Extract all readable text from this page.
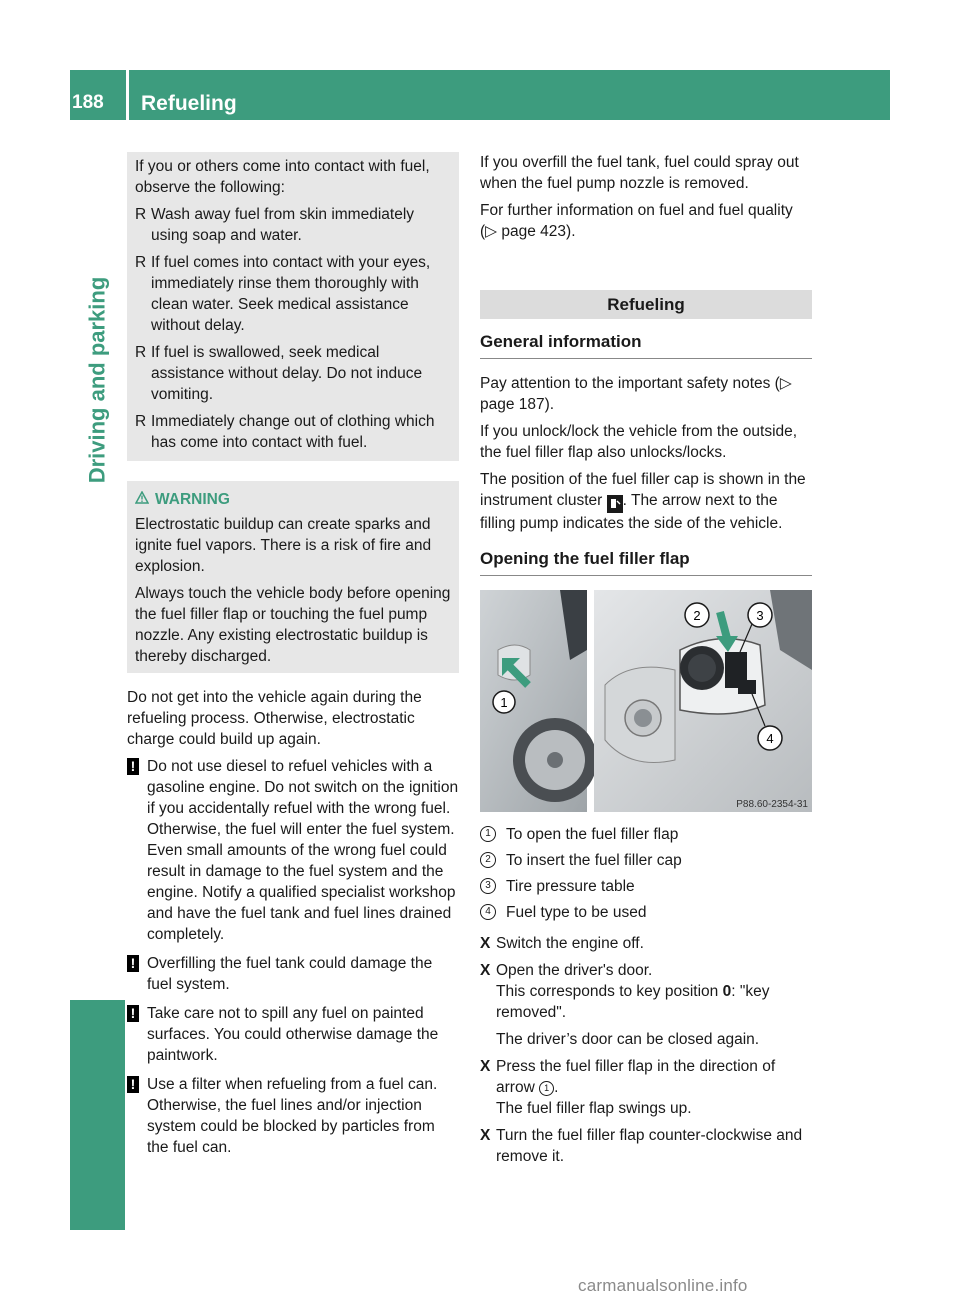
188	Refueling
Driving and parking

If you or others come into contact with fuel, observe the following:

R Wash away fuel from skin immediately using soap and water.
R If fuel comes into contact with your eyes, immediately rinse them thoroughly with clean water. Seek medical assistance without delay.
R If fuel is swallowed, seek medical assistance without delay. Do not induce vomiting.
R Immediately change out of clothing which has come into contact with fuel.
WARNING

Electrostatic buildup can create sparks and ignite fuel vapors. There is a risk of fire and explosion.

Always touch the vehicle body before opening the fuel filler flap or touching the fuel pump nozzle. Any existing electrostatic buildup is thereby discharged.

Do not get into the vehicle again during the refueling process. Otherwise, electrostatic charge could build up again.

! Do not use diesel to refuel vehicles with a gasoline engine. Do not switch on the ignition if you accidentally refuel with the wrong fuel. Otherwise, the fuel will enter the fuel system. Even small amounts of the wrong fuel could result in damage to the fuel system and the engine. Notify a qualified specialist workshop and have the fuel tank and fuel lines drained completely.
! Overfilling the fuel tank could damage the fuel system.
! Take care not to spill any fuel on painted surfaces. You could otherwise damage the paintwork.
! Use a filter when refueling from a fuel can. Otherwise, the fuel lines and/or injection system could be blocked by particles from the fuel can.

If you overfill the fuel tank, fuel could spray out when the fuel pump nozzle is removed.

For further information on fuel and fuel quality (▷ page 423).

Refueling
General information

Pay attention to the important safety notes (▷ page 187).

If you unlock/lock the vehicle from the outside, the fuel filler flap also unlocks/locks.

The position of the fuel filler cap is shown in the instrument cluster . The arrow next to the filling pump indicates the side of the vehicle.

Opening the fuel filler flap
1
2	3
4
P88.60-2354-31
1 To open the fuel filler flap
2 To insert the fuel filler cap
3 Tire pressure table
4 Fuel type to be used
X Switch the engine off.
X Open the driver's door.
This corresponds to key position 0: "key removed".
The driver’s door can be closed again.
X Press the fuel filler flap in the direction of arrow 1 .
The fuel filler flap swings up.
X Turn the fuel filler flap counter-clockwise and remove it.
carmanualsonline.info
